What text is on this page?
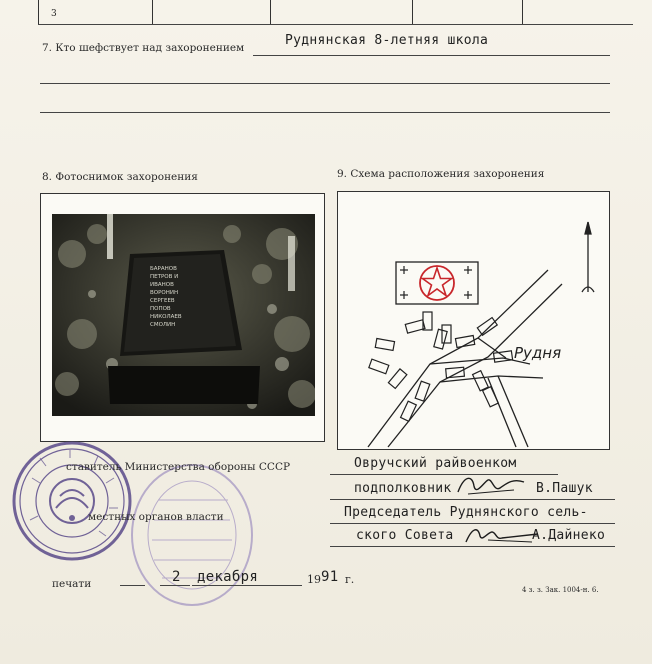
3
7. Кто шефствует над захоронением	Руднянская 8-летняя школа
8. Фотоснимок захоронения	9. Схема расположения захоронения
БАРАНОВ
ПЕТРОВ И
ИВАНОВ
ВОРОНИН
СЕРГЕЕВ
ПОПОВ
НИКОЛАЕВ
СМОЛИН
Рудня
ставитель Министерства обороны СССР
местных органов власти
печати	2 декабря	19 91 г.
Овручский райвоенком
подполковник	В.Пашук
Председатель Руднянского сель-
ского Совета	А.Дайнеко
4 з. з. Зак. 1004-н. 6.
